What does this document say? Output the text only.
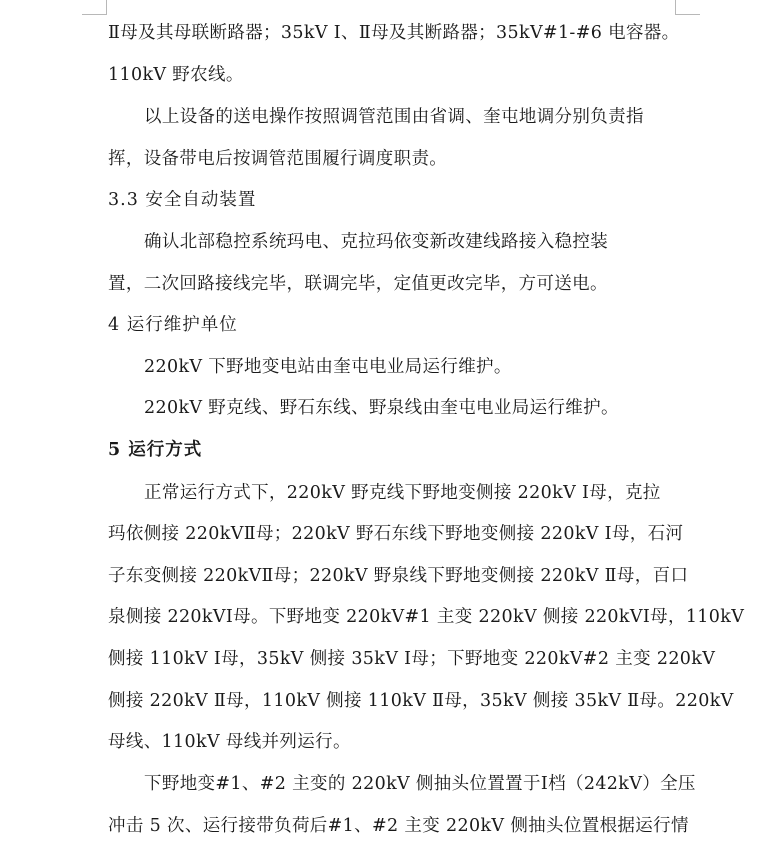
Ⅱ母及其母联断路器；35kV Ⅰ、Ⅱ母及其断路器；35kV#1-#6 电容器。
110kV 野农线。
以上设备的送电操作按照调管范围由省调、奎屯地调分别负责指
挥，设备带电后按调管范围履行调度职责。
3.3 安全自动装置
确认北部稳控系统玛电、克拉玛依变新改建线路接入稳控装
置，二次回路接线完毕，联调完毕，定值更改完毕，方可送电。
4 运行维护单位
220kV 下野地变电站由奎屯电业局运行维护。
220kV 野克线、野石东线、野泉线由奎屯电业局运行维护。
5 运行方式
正常运行方式下，220kV 野克线下野地变侧接 220kV Ⅰ母，克拉
玛依侧接 220kVⅡ母；220kV 野石东线下野地变侧接 220kV Ⅰ母，石河
子东变侧接 220kVⅡ母；220kV 野泉线下野地变侧接 220kV Ⅱ母，百口
泉侧接 220kVⅠ母。下野地变 220kV#1 主变 220kV 侧接 220kVⅠ母，110kV
侧接 110kV Ⅰ母，35kV 侧接 35kV Ⅰ母；下野地变 220kV#2 主变 220kV
侧接 220kV Ⅱ母，110kV 侧接 110kV Ⅱ母，35kV 侧接 35kV Ⅱ母。220kV
母线、110kV 母线并列运行。
下野地变#1、#2 主变的 220kV 侧抽头位置置于Ⅰ档（242kV）全压
冲击 5 次、运行接带负荷后#1、#2 主变 220kV 侧抽头位置根据运行情
